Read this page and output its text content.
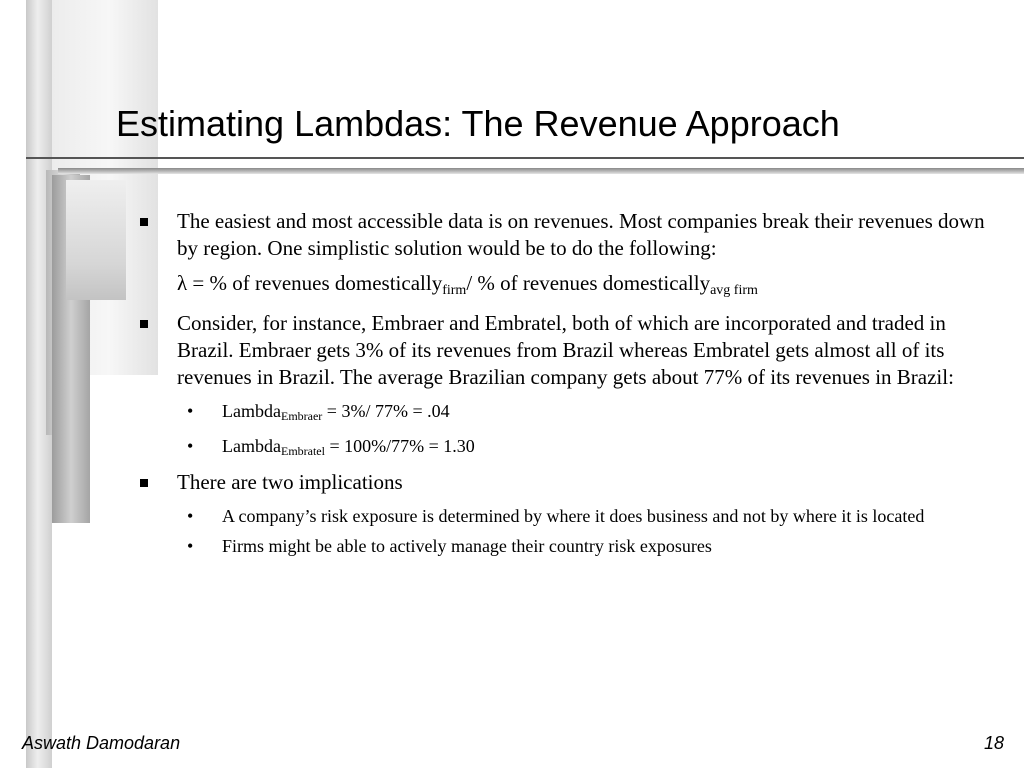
Estimating Lambdas: The Revenue Approach
The easiest and most accessible data is on revenues. Most companies break their revenues down by region. One simplistic solution would be to do the following:
λ = % of revenues domestically$_{firm}$/ % of revenues domestically$_{avg firm}$
Consider, for instance, Embraer and Embratel, both of which are incorporated and traded in Brazil. Embraer gets 3% of its revenues from Brazil whereas Embratel gets almost all of its revenues in Brazil. The average Brazilian company gets about 77% of its revenues in Brazil:
• Lambda$_{Embraer}$ = 3%/ 77% = .04
• Lambda$_{Embratel}$ = 100%/77% = 1.30
There are two implications
• A company’s risk exposure is determined by where it does business and not by where it is located
• Firms might be able to actively manage their country risk exposures
Aswath Damodaran	18
